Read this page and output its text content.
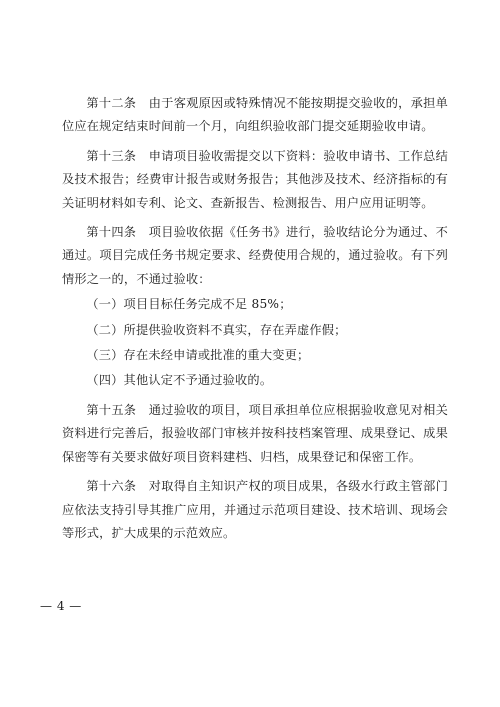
第十二条　由于客观原因或特殊情况不能按期提交验收的，承担单位应在规定结束时间前一个月，向组织验收部门提交延期验收申请。

第十三条　申请项目验收需提交以下资料：验收申请书、工作总结及技术报告；经费审计报告或财务报告；其他涉及技术、经济指标的有关证明材料如专利、论文、查新报告、检测报告、用户应用证明等。

第十四条　项目验收依据《任务书》进行，验收结论分为通过、不通过。项目完成任务书规定要求、经费使用合规的，通过验收。有下列情形之一的，不通过验收：

（一）项目目标任务完成不足 85%；

（二）所提供验收资料不真实，存在弄虚作假；

（三）存在未经申请或批准的重大变更；

（四）其他认定不予通过验收的。

第十五条　通过验收的项目，项目承担单位应根据验收意见对相关资料进行完善后，报验收部门审核并按科技档案管理、成果登记、成果保密等有关要求做好项目资料建档、归档，成果登记和保密工作。

第十六条　对取得自主知识产权的项目成果，各级水行政主管部门应依法支持引导其推广应用，并通过示范项目建设、技术培训、现场会等形式，扩大成果的示范效应。

— 4 —
